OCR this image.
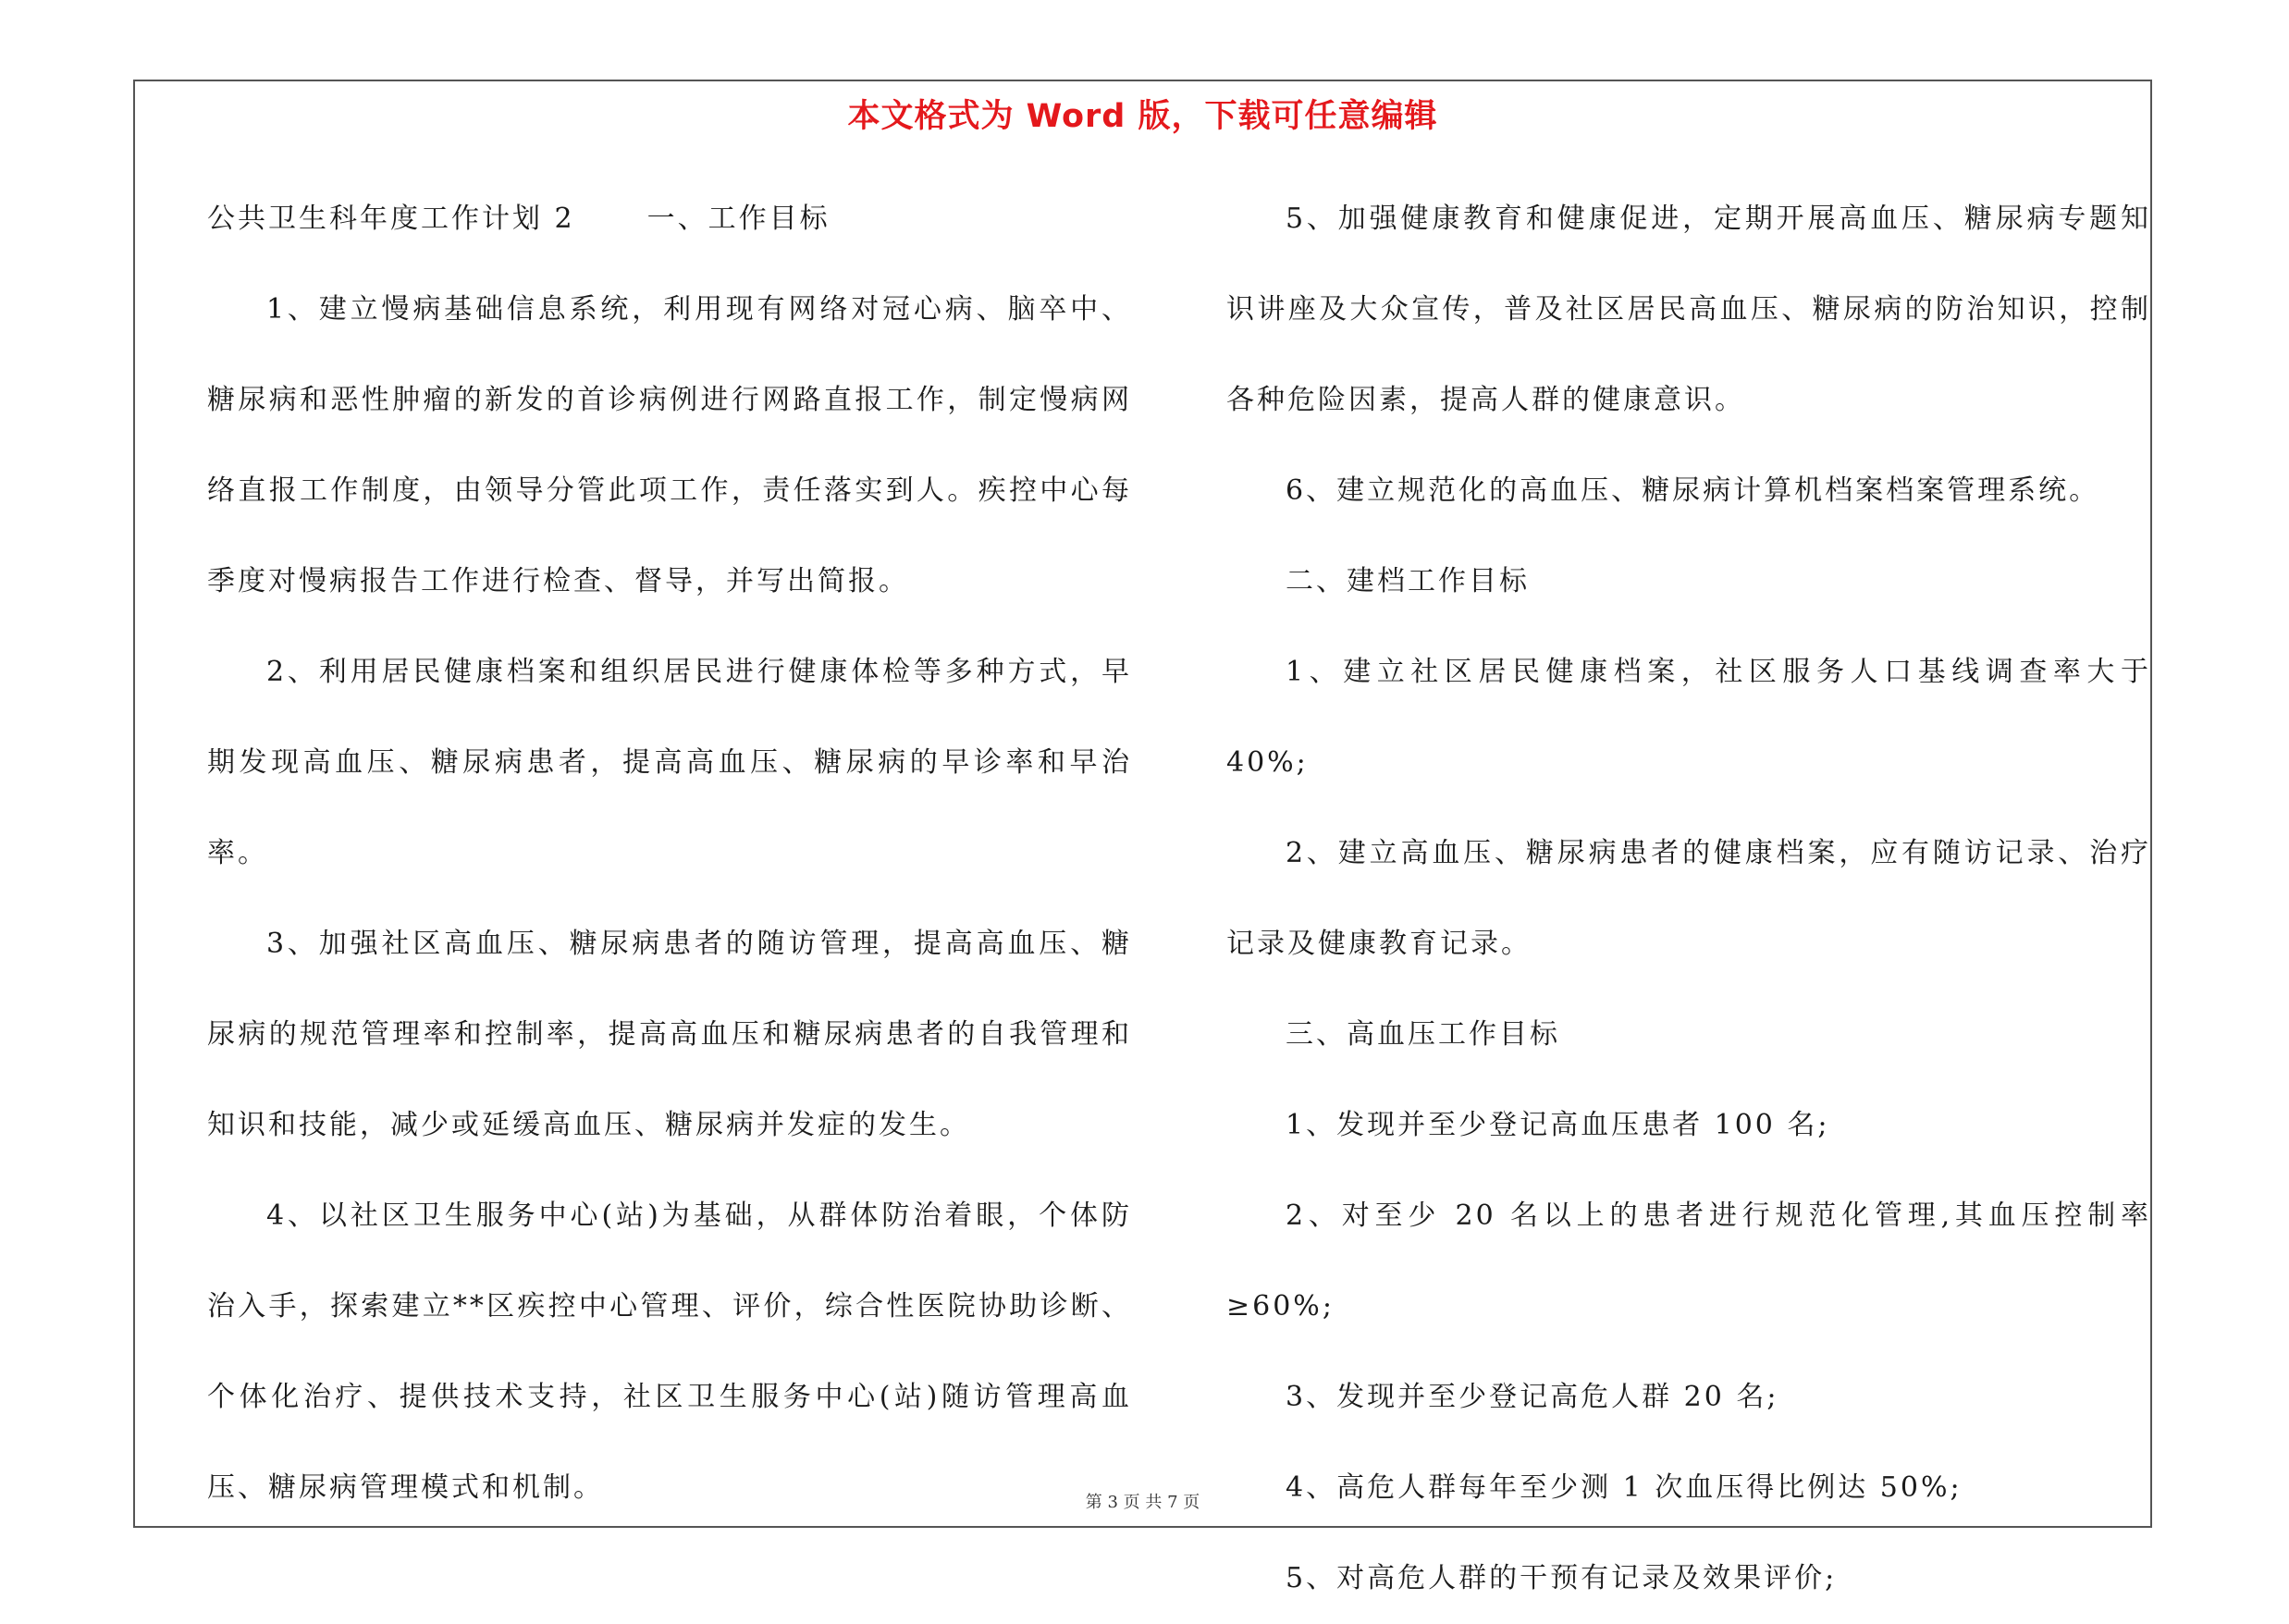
本文格式为 Word 版，下载可任意编辑
公共卫生科年度工作计划 2	一、工作目标

1、建立慢病基础信息系统，利用现有网络对冠心病、脑卒中、糖尿病和恶性肿瘤的新发的首诊病例进行网路直报工作，制定慢病网络直报工作制度，由领导分管此项工作，责任落实到人。疾控中心每季度对慢病报告工作进行检查、督导，并写出简报。

2、利用居民健康档案和组织居民进行健康体检等多种方式，早期发现高血压、糖尿病患者，提高高血压、糖尿病的早诊率和早治率。

3、加强社区高血压、糖尿病患者的随访管理，提高高血压、糖尿病的规范管理率和控制率，提高高血压和糖尿病患者的自我管理和知识和技能，减少或延缓高血压、糖尿病并发症的发生。

4、以社区卫生服务中心(站)为基础，从群体防治着眼，个体防治入手，探索建立**区疾控中心管理、评价，综合性医院协助诊断、个体化治疗、提供技术支持，社区卫生服务中心(站)随访管理高血压、糖尿病管理模式和机制。

5、加强健康教育和健康促进，定期开展高血压、糖尿病专题知识讲座及大众宣传，普及社区居民高血压、糖尿病的防治知识，控制各种危险因素，提高人群的健康意识。

6、建立规范化的高血压、糖尿病计算机档案档案管理系统。

二、建档工作目标

1、建立社区居民健康档案，社区服务人口基线调查率大于 40%;

2、建立高血压、糖尿病患者的健康档案，应有随访记录、治疗记录及健康教育记录。

三、高血压工作目标

1、发现并至少登记高血压患者 100 名;

2、对至少 20 名以上的患者进行规范化管理,其血压控制率≥60%;

3、发现并至少登记高危人群 20 名;

4、高危人群每年至少测 1 次血压得比例达 50%;

5、对高危人群的干预有记录及效果评价;

第 3 页 共 7 页
